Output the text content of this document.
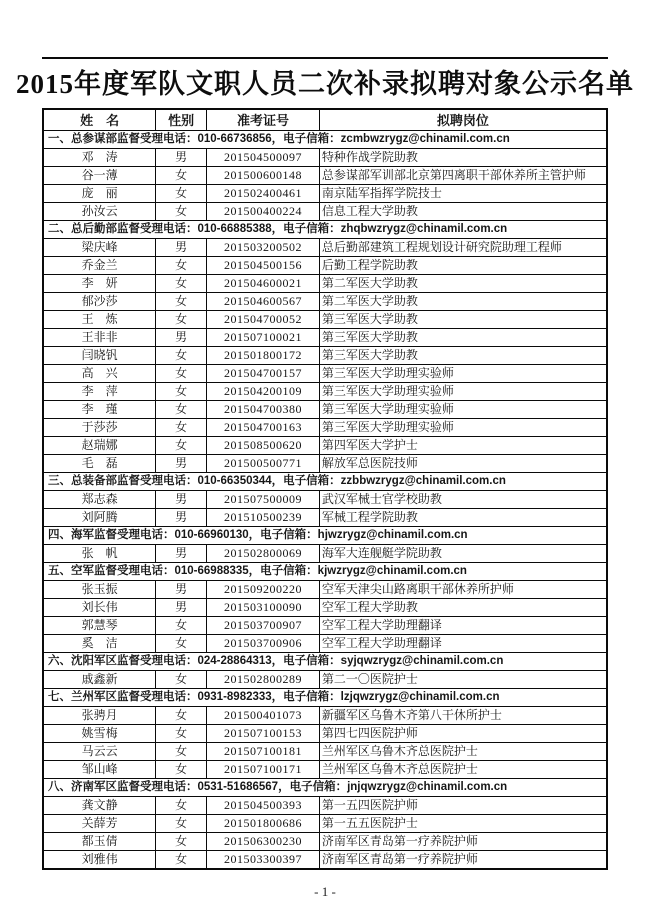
2015年度军队文职人员二次补录拟聘对象公示名单
姓　名	性别	准考证号	拟聘岗位
一、总参谋部监督受理电话：010-66736856，电子信箱：zcmbwzrygz@chinamil.com.cn			
邓　涛	男	201504500097	特种作战学院助教
谷一薄	女	201500600148	总参谋部军训部北京第四离职干部休养所主管护师
庞　丽	女	201502400461	南京陆军指挥学院技士
孙汝云	女	201500400224	信息工程大学助教
二、总后勤部监督受理电话：010-66885388，电子信箱：zhqbwzrygz@chinamil.com.cn			
梁庆峰	男	201503200502	总后勤部建筑工程规划设计研究院助理工程师
乔金兰	女	201504500156	后勤工程学院助教
李　妍	女	201504600021	第二军医大学助教
郁沙莎	女	201504600567	第二军医大学助教
王　炼	女	201504700052	第三军医大学助教
王非非	男	201507100021	第三军医大学助教
闫晓钒	女	201501800172	第三军医大学助教
高　兴	女	201504700157	第三军医大学助理实验师
李　萍	女	201504200109	第三军医大学助理实验师
李　瑾	女	201504700380	第三军医大学助理实验师
于莎莎	女	201504700163	第三军医大学助理实验师
赵瑞娜	女	201508500620	第四军医大学护士
毛　磊	男	201500500771	解放军总医院技师
三、总装备部监督受理电话：010-66350344，电子信箱：zzbbwzrygz@chinamil.com.cn			
郑志森	男	201507500009	武汉军械士官学校助教
刘阿腾	男	201510500239	军械工程学院助教
四、海军监督受理电话：010-66960130，电子信箱：hjwzrygz@chinamil.com.cn			
张　帆	男	201502800069	海军大连舰艇学院助教
五、空军监督受理电话：010-66988335，电子信箱：kjwzrygz@chinamil.com.cn			
张玉振	男	201509200220	空军天津尖山路离职干部休养所护师
刘长伟	男	201503100090	空军工程大学助教
郭慧琴	女	201503700907	空军工程大学助理翻译
奚　洁	女	201503700906	空军工程大学助理翻译
六、沈阳军区监督受理电话：024-28864313，电子信箱：syjqwzrygz@chinamil.com.cn			
戚鑫新	女	201502800289	第二一〇医院护士
七、兰州军区监督受理电话：0931-8982333，电子信箱：lzjqwzrygz@chinamil.com.cn			
张骋月	女	201500401073	新疆军区乌鲁木齐第八干休所护士
姚雪梅	女	201507100153	第四七四医院护师
马云云	女	201507100181	兰州军区乌鲁木齐总医院护士
邹山峰	女	201507100171	兰州军区乌鲁木齐总医院护士
八、济南军区监督受理电话：0531-51686567，电子信箱：jnjqwzrygz@chinamil.com.cn			
龚文静	女	201504500393	第一五四医院护师
关薛芳	女	201501800686	第一五五医院护士
都玉倩	女	201506300230	济南军区青岛第一疗养院护师
刘雅伟	女	201503300397	济南军区青岛第一疗养院护师
- 1 -
